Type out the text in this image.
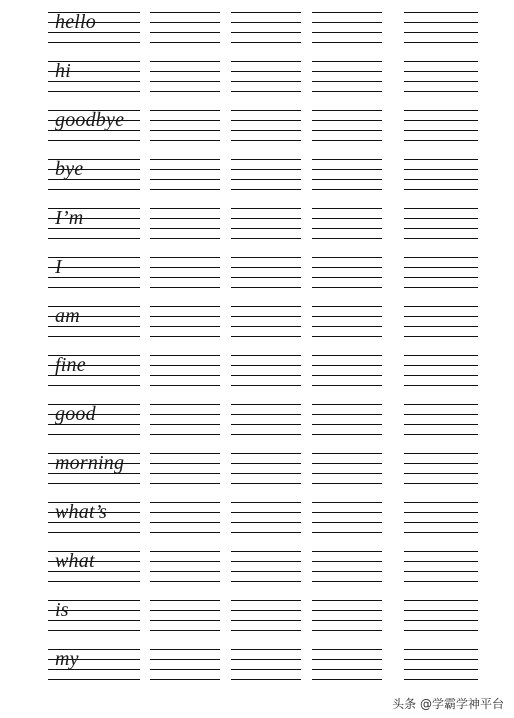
hello
hi
goodbye
bye
I’m
I
am
fine
good
morning
what’s
what
is
my
头条 @学霸学神平台
